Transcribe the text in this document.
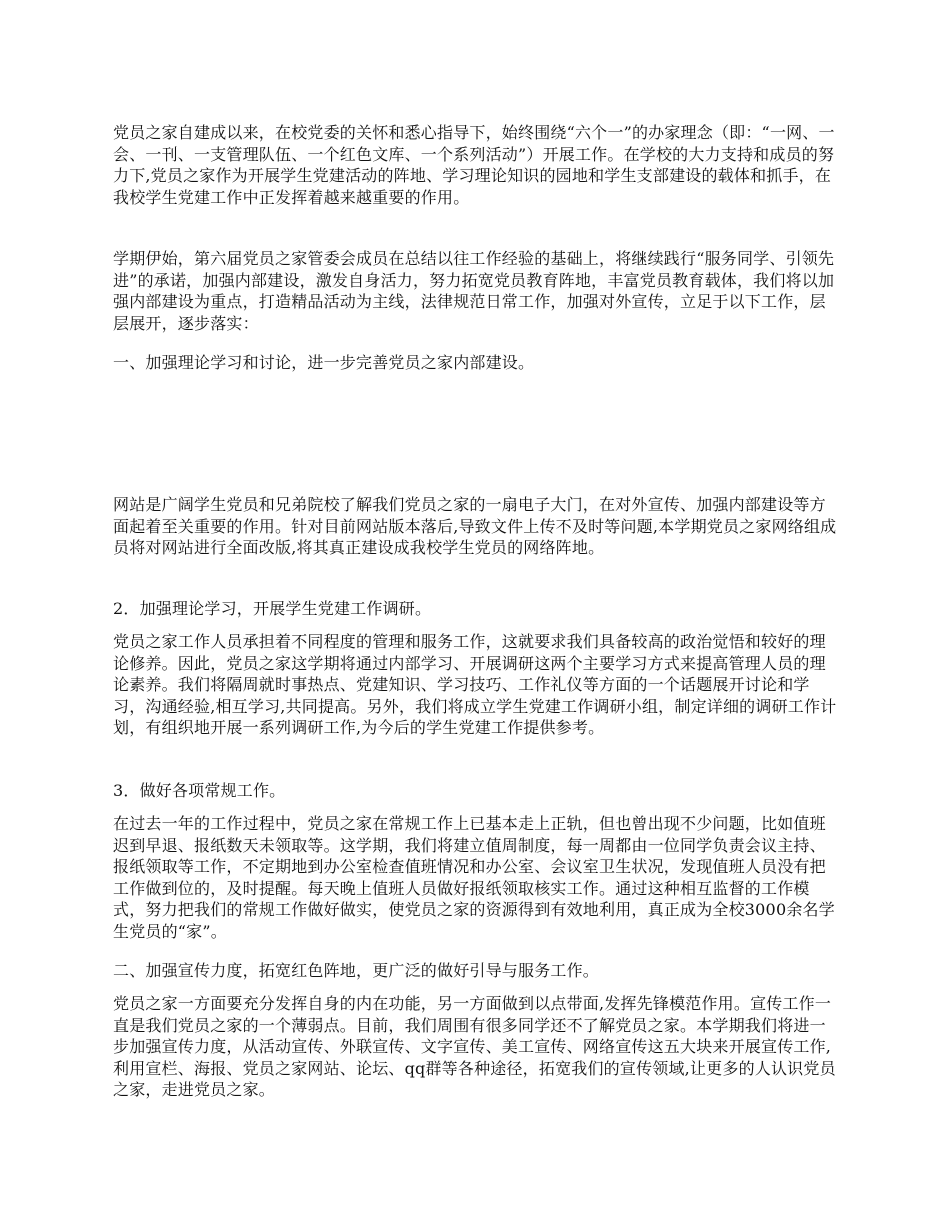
党员之家自建成以来，在校党委的关怀和悉心指导下，始终围绕“六个一”的办家理念（即：“一网、一会、一刊、一支管理队伍、一个红色文库、一个系列活动”）开展工作。在学校的大力支持和成员的努力下,党员之家作为开展学生党建活动的阵地、学习理论知识的园地和学生支部建设的载体和抓手，在我校学生党建工作中正发挥着越来越重要的作用。

学期伊始，第六届党员之家管委会成员在总结以往工作经验的基础上，将继续践行“服务同学、引领先进”的承诺，加强内部建设，激发自身活力，努力拓宽党员教育阵地，丰富党员教育载体，我们将以加强内部建设为重点，打造精品活动为主线，法律规范日常工作，加强对外宣传，立足于以下工作，层层展开，逐步落实：

一、加强理论学习和讨论，进一步完善党员之家内部建设。

网站是广阔学生党员和兄弟院校了解我们党员之家的一扇电子大门，在对外宣传、加强内部建设等方面起着至关重要的作用。针对目前网站版本落后,导致文件上传不及时等问题,本学期党员之家网络组成员将对网站进行全面改版,将其真正建设成我校学生党员的网络阵地。

2．加强理论学习，开展学生党建工作调研。

党员之家工作人员承担着不同程度的管理和服务工作，这就要求我们具备较高的政治觉悟和较好的理论修养。因此，党员之家这学期将通过内部学习、开展调研这两个主要学习方式来提高管理人员的理论素养。我们将隔周就时事热点、党建知识、学习技巧、工作礼仪等方面的一个话题展开讨论和学习，沟通经验,相互学习,共同提高。另外，我们将成立学生党建工作调研小组，制定详细的调研工作计划，有组织地开展一系列调研工作,为今后的学生党建工作提供参考。

3．做好各项常规工作。

在过去一年的工作过程中，党员之家在常规工作上已基本走上正轨，但也曾出现不少问题，比如值班迟到早退、报纸数天未领取等。这学期，我们将建立值周制度，每一周都由一位同学负责会议主持、报纸领取等工作，不定期地到办公室检查值班情况和办公室、会议室卫生状况，发现值班人员没有把工作做到位的，及时提醒。每天晚上值班人员做好报纸领取核实工作。通过这种相互监督的工作模式，努力把我们的常规工作做好做实，使党员之家的资源得到有效地利用，真正成为全校3000余名学生党员的“家”。

二、加强宣传力度，拓宽红色阵地，更广泛的做好引导与服务工作。

党员之家一方面要充分发挥自身的内在功能，另一方面做到以点带面,发挥先锋模范作用。宣传工作一直是我们党员之家的一个薄弱点。目前，我们周围有很多同学还不了解党员之家。本学期我们将进一步加强宣传力度，从活动宣传、外联宣传、文字宣传、美工宣传、网络宣传这五大块来开展宣传工作,利用宣栏、海报、党员之家网站、论坛、qq群等各种途径，拓宽我们的宣传领域,让更多的人认识党员之家，走进党员之家。
